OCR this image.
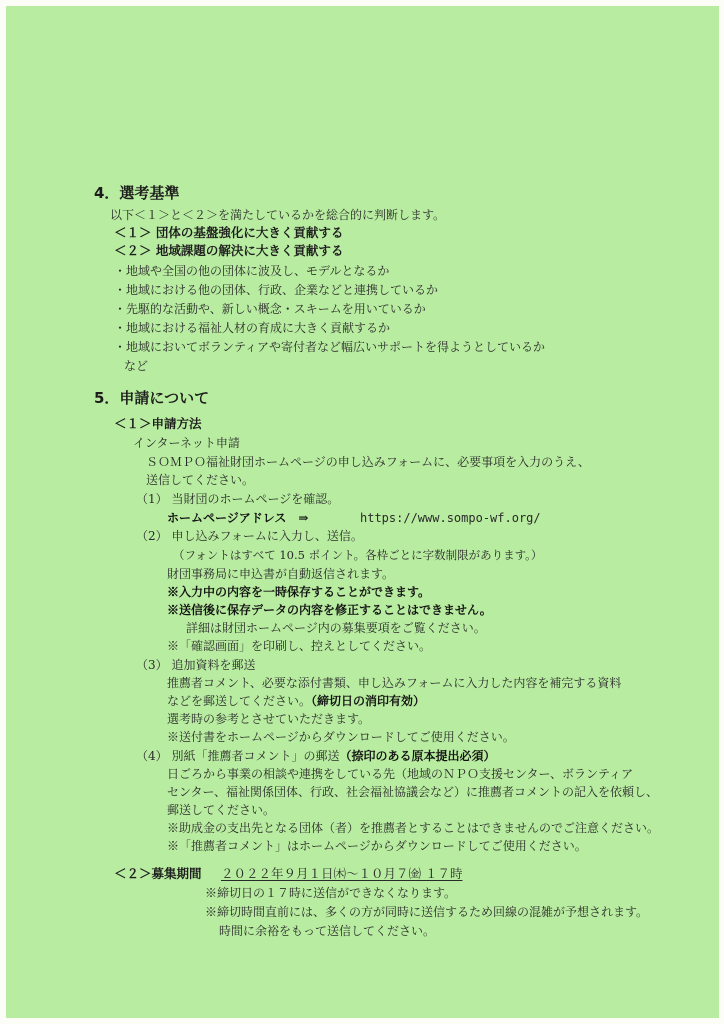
4．選考基準
以下＜１＞と＜２＞を満たしているかを総合的に判断します。
＜１＞ 団体の基盤強化に大きく貢献する
＜２＞ 地域課題の解決に大きく貢献する
・地域や全国の他の団体に波及し、モデルとなるか
・地域における他の団体、行政、企業などと連携しているか
・先駆的な活動や、新しい概念・スキームを用いているか
・地域における福祉人材の育成に大きく貢献するか
・地域においてボランティアや寄付者など幅広いサポートを得ようとしているか
など
5．申請について
＜１＞申請方法
インターネット申請
ＳＯＭＰＯ福祉財団ホームページの申し込みフォームに、必要事項を入力のうえ、
送信してください。
（1） 当財団のホームページを確認。
ホームページアドレス　⇒	https://www.sompo-wf.org/
（2） 申し込みフォームに入力し、送信。
（フォントはすべて 10.5 ポイント。各枠ごとに字数制限があります。）
財団事務局に申込書が自動返信されます。
※入力中の内容を一時保存することができます。
※送信後に保存データの内容を修正することはできません。
詳細は財団ホームページ内の募集要項をご覧ください。
※「確認画面」を印刷し、控えとしてください。
（3） 追加資料を郵送
推薦者コメント、必要な添付書類、申し込みフォームに入力した内容を補完する資料
などを郵送してください。（締切日の消印有効）
選考時の参考とさせていただきます。
※送付書をホームページからダウンロードしてご使用ください。
（4） 別紙「推薦者コメント」の郵送（捺印のある原本提出必須）
日ごろから事業の相談や連携をしている先（地域のＮＰＯ支援センター、ボランティア
センター、福祉関係団体、行政、社会福祉協議会など）に推薦者コメントの記入を依頼し、
郵送してください。
※助成金の支出先となる団体（者）を推薦者とすることはできませんのでご注意ください。
※「推薦者コメント」はホームページからダウンロードしてご使用ください。
＜２＞募集期間 ２０２２年９月１日㈭～１０月７㈮ １７時
※締切日の１７時に送信ができなくなります。
※締切時間直前には、多くの方が同時に送信するため回線の混雑が予想されます。
時間に余裕をもって送信してください。
